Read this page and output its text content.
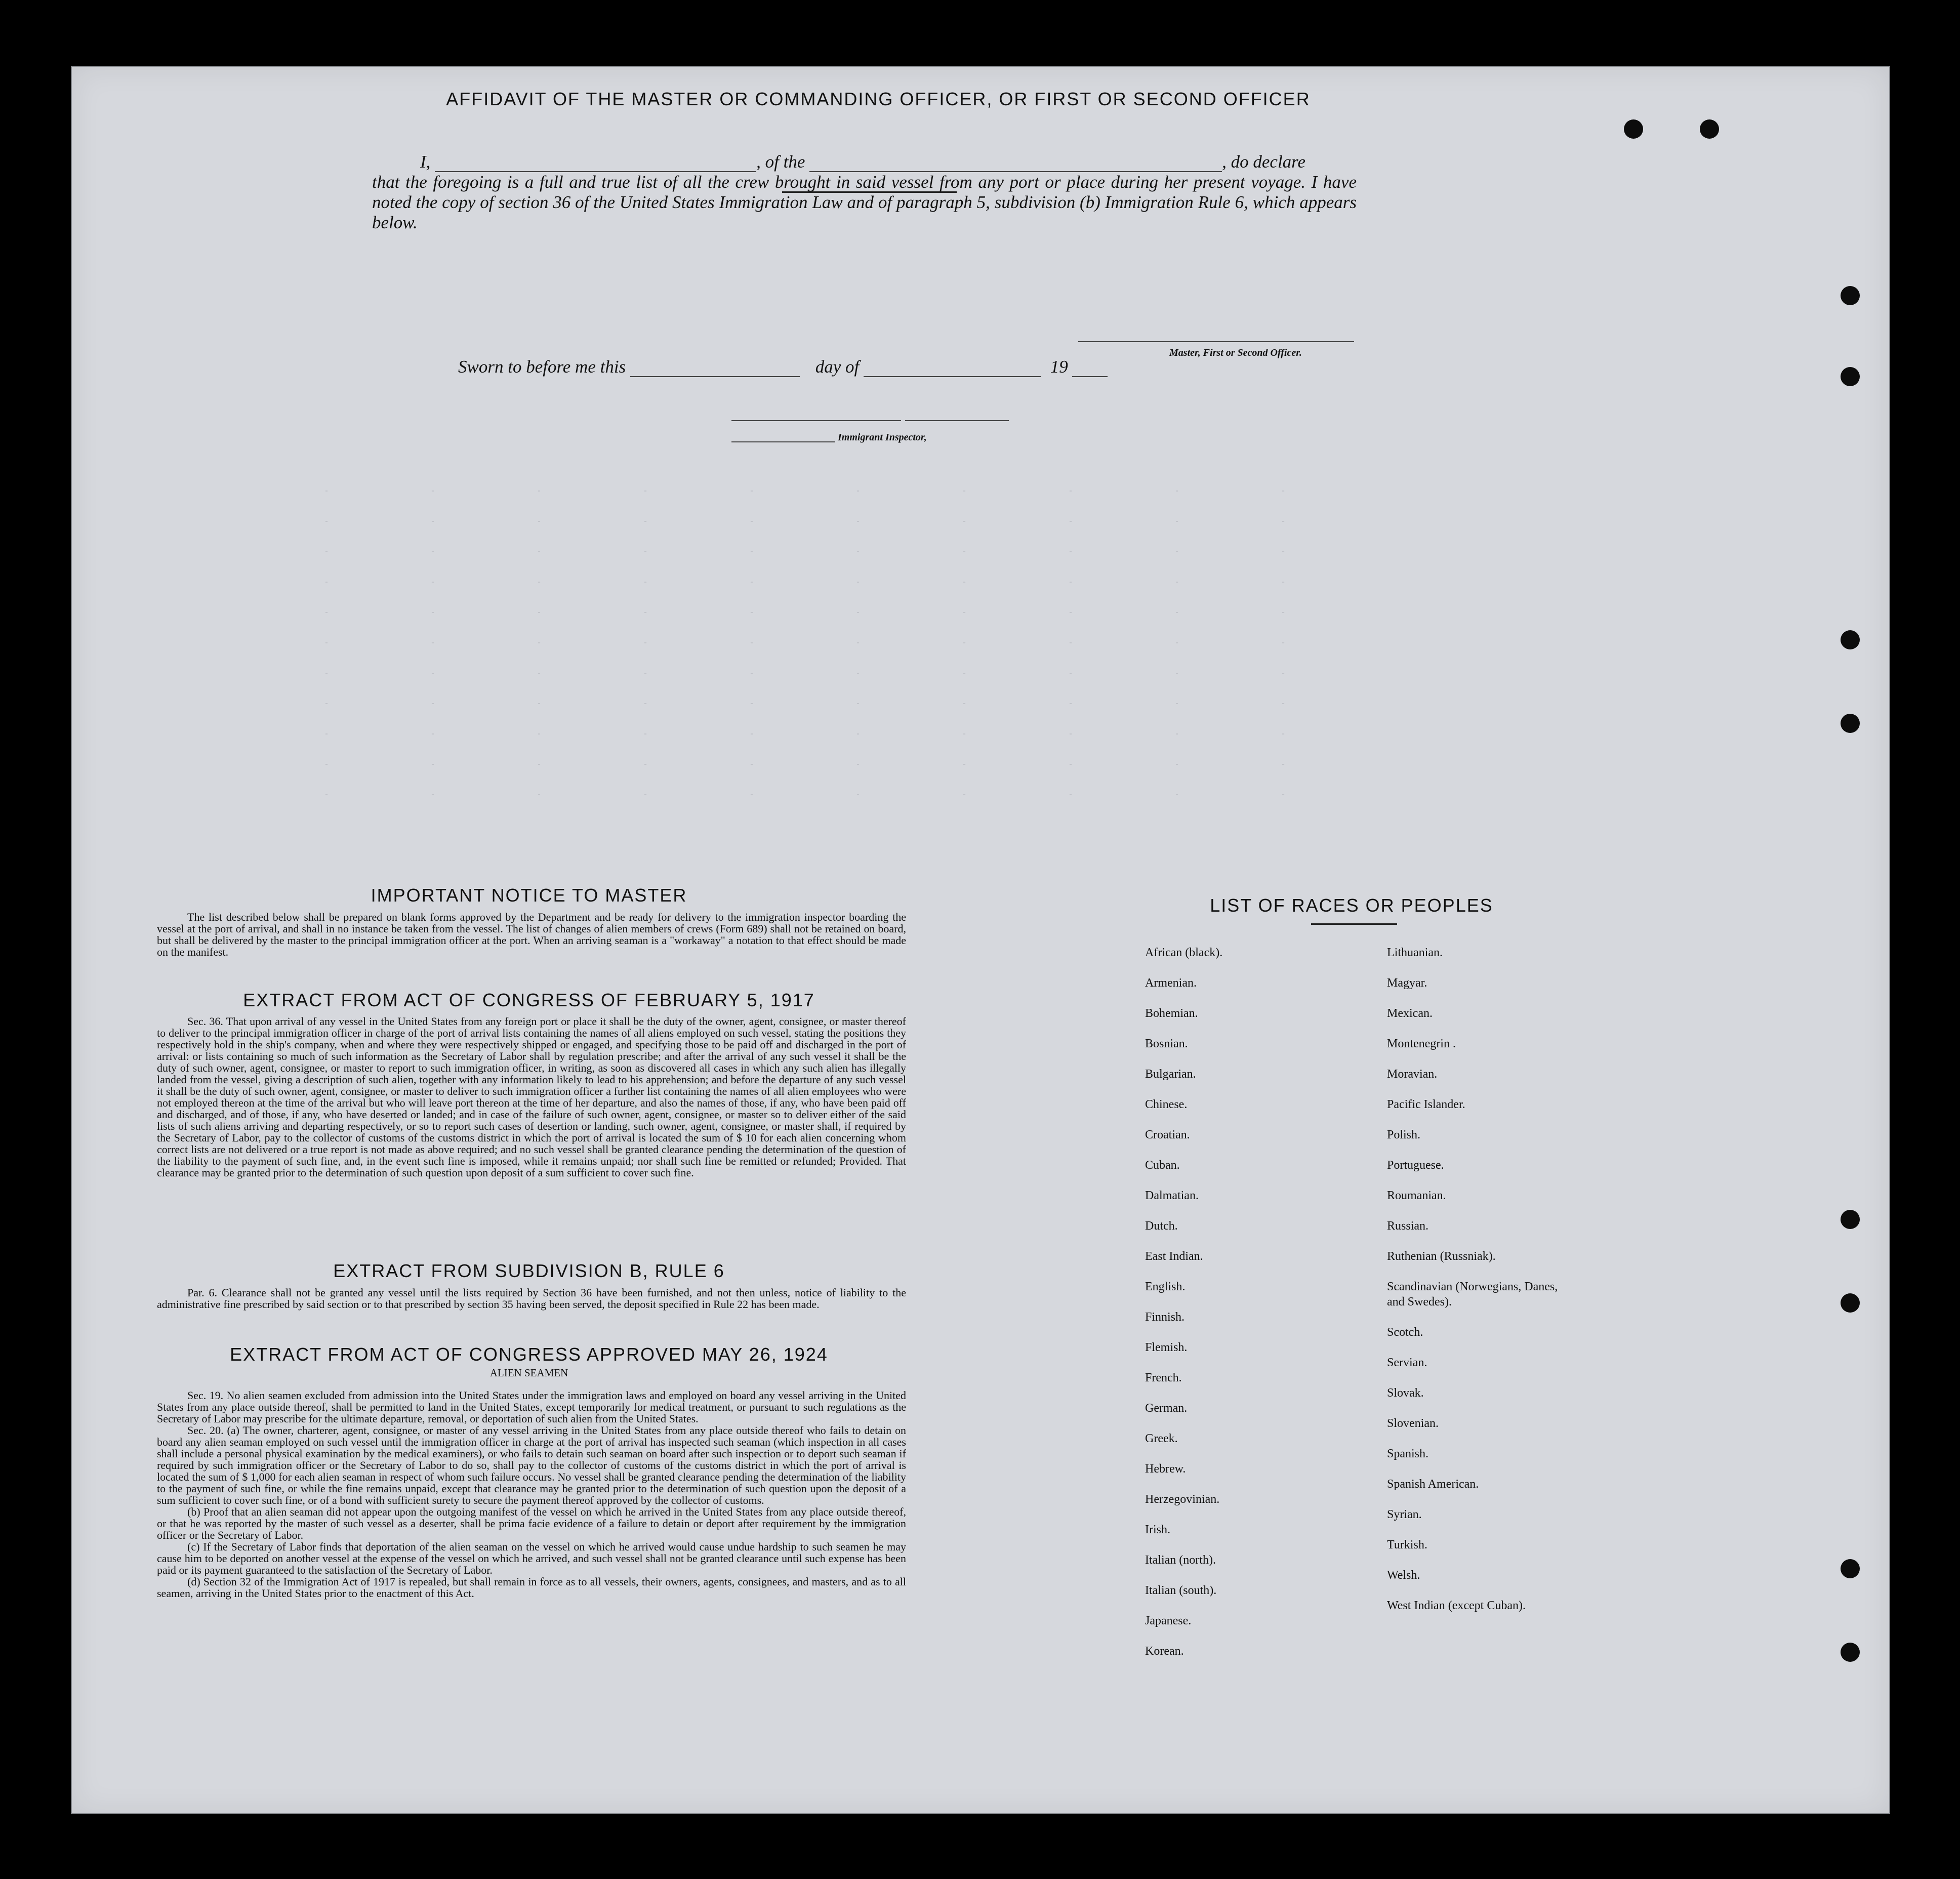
AFFIDAVIT OF THE MASTER OR COMMANDING OFFICER, OR FIRST OR SECOND OFFICER
I,	, of the	, do declare
that the foregoing is a full and true list of all the crew brought in said vessel from any port or place during her present voyage. I have noted the copy of section 36 of the United States Immigration Law and of paragraph 5, subdivision (b) Immigration Rule 6, which appears below.
Master, First or Second Officer.
Sworn to before me this	day of	19
Immigrant Inspector,
IMPORTANT NOTICE TO MASTER

The list described below shall be prepared on blank forms approved by the Department and be ready for delivery to the immigration inspector boarding the vessel at the port of arrival, and shall in no instance be taken from the vessel. The list of changes of alien members of crews (Form 689) shall not be retained on board, but shall be delivered by the master to the principal immigration officer at the port. When an arriving seaman is a "workaway" a notation to that effect should be made on the manifest.

EXTRACT FROM ACT OF CONGRESS OF FEBRUARY 5, 1917

Sec. 36. That upon arrival of any vessel in the United States from any foreign port or place it shall be the duty of the owner, agent, consignee, or master thereof to deliver to the principal immigration officer in charge of the port of arrival lists containing the names of all aliens employed on such vessel, stating the positions they respectively hold in the ship's company, when and where they were respectively shipped or engaged, and specifying those to be paid off and discharged in the port of arrival: or lists containing so much of such information as the Secretary of Labor shall by regulation prescribe; and after the arrival of any such vessel it shall be the duty of such owner, agent, consignee, or master to report to such immigration officer, in writing, as soon as discovered all cases in which any such alien has illegally landed from the vessel, giving a description of such alien, together with any information likely to lead to his apprehension; and before the departure of any such vessel it shall be the duty of such owner, agent, consignee, or master to deliver to such immigration officer a further list containing the names of all alien employees who were not employed thereon at the time of the arrival but who will leave port thereon at the time of her departure, and also the names of those, if any, who have been paid off and discharged, and of those, if any, who have deserted or landed; and in case of the failure of such owner, agent, consignee, or master so to deliver either of the said lists of such aliens arriving and departing respectively, or so to report such cases of desertion or landing, such owner, agent, consignee, or master shall, if required by the Secretary of Labor, pay to the collector of customs of the customs district in which the port of arrival is located the sum of $ 10 for each alien concerning whom correct lists are not delivered or a true report is not made as above required; and no such vessel shall be granted clearance pending the determination of the question of the liability to the payment of such fine, and, in the event such fine is imposed, while it remains unpaid; nor shall such fine be remitted or refunded; Provided. That clearance may be granted prior to the determination of such question upon deposit of a sum sufficient to cover such fine.

EXTRACT FROM SUBDIVISION B, RULE 6

Par. 6. Clearance shall not be granted any vessel until the lists required by Section 36 have been furnished, and not then unless, notice of liability to the administrative fine prescribed by said section or to that prescribed by section 35 having been served, the deposit specified in Rule 22 has been made.

EXTRACT FROM ACT OF CONGRESS APPROVED MAY 26, 1924
ALIEN SEAMEN

Sec. 19. No alien seamen excluded from admission into the United States under the immigration laws and employed on board any vessel arriving in the United States from any place outside thereof, shall be permitted to land in the United States, except temporarily for medical treatment, or pursuant to such regulations as the Secretary of Labor may prescribe for the ultimate departure, removal, or deportation of such alien from the United States.

Sec. 20. (a) The owner, charterer, agent, consignee, or master of any vessel arriving in the United States from any place outside thereof who fails to detain on board any alien seaman employed on such vessel until the immigration officer in charge at the port of arrival has inspected such seaman (which inspection in all cases shall include a personal physical examination by the medical examiners), or who fails to detain such seaman on board after such inspection or to deport such seaman if required by such immigration officer or the Secretary of Labor to do so, shall pay to the collector of customs of the customs district in which the port of arrival is located the sum of $ 1,000 for each alien seaman in respect of whom such failure occurs. No vessel shall be granted clearance pending the determination of the liability to the payment of such fine, or while the fine remains unpaid, except that clearance may be granted prior to the determination of such question upon the deposit of a sum sufficient to cover such fine, or of a bond with sufficient surety to secure the payment thereof approved by the collector of customs.

(b) Proof that an alien seaman did not appear upon the outgoing manifest of the vessel on which he arrived in the United States from any place outside thereof, or that he was reported by the master of such vessel as a deserter, shall be prima facie evidence of a failure to detain or deport after requirement by the immigration officer or the Secretary of Labor.

(c) If the Secretary of Labor finds that deportation of the alien seaman on the vessel on which he arrived would cause undue hardship to such seamen he may cause him to be deported on another vessel at the expense of the vessel on which he arrived, and such vessel shall not be granted clearance until such expense has been paid or its payment guaranteed to the satisfaction of the Secretary of Labor.

(d) Section 32 of the Immigration Act of 1917 is repealed, but shall remain in force as to all vessels, their owners, agents, consignees, and masters, and as to all seamen, arriving in the United States prior to the enactment of this Act.

LIST OF RACES OR PEOPLES
African (black).
Armenian.
Bohemian.
Bosnian.
Bulgarian.
Chinese.
Croatian.
Cuban.
Dalmatian.
Dutch.
East Indian.
English.
Finnish.
Flemish.
French.
German.
Greek.
Hebrew.
Herzegovinian.
Irish.
Italian (north).
Italian (south).
Japanese.
Korean.
Lithuanian.
Magyar.
Mexican.
Montenegrin .
Moravian.
Pacific Islander.
Polish.
Portuguese.
Roumanian.
Russian.
Ruthenian (Russniak).
Scandinavian (Norwegians, Danes, and Swedes).
Scotch.
Servian.
Slovak.
Slovenian.
Spanish.
Spanish American.
Syrian.
Turkish.
Welsh.
West Indian (except Cuban).
